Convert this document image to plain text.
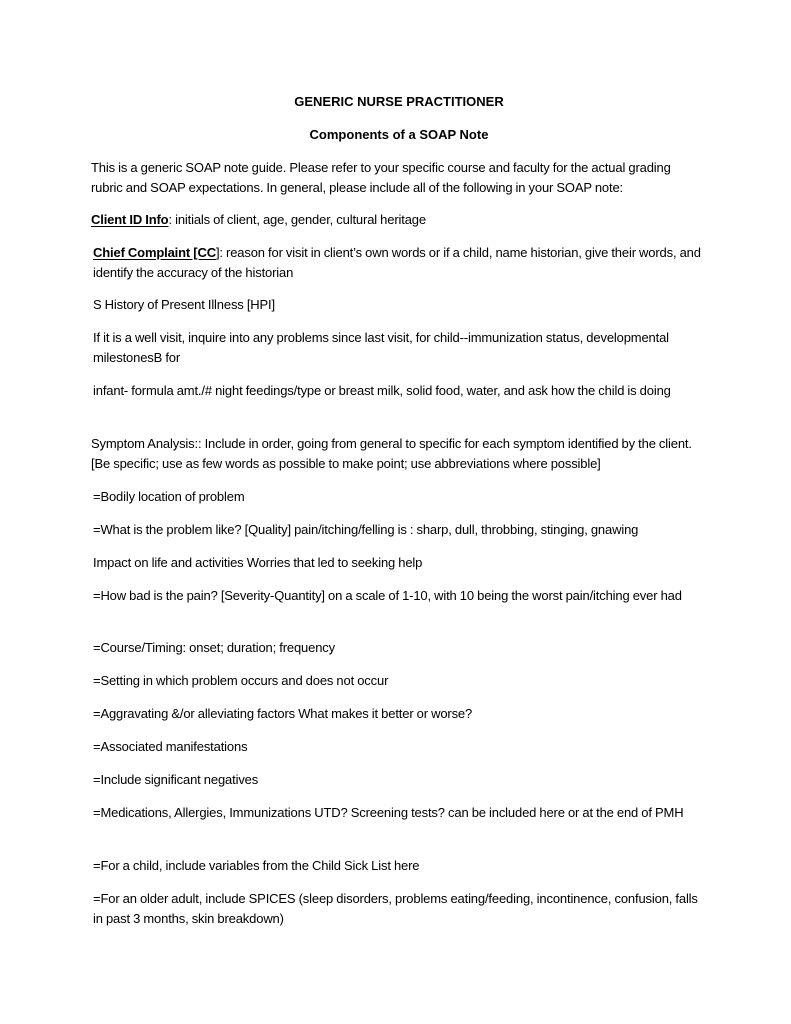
GENERIC NURSE PRACTITIONER
Components of a SOAP Note
This is a generic SOAP note guide. Please refer to your specific course and faculty for the actual grading rubric and SOAP expectations. In general, please include all of the following in your SOAP note:
Client ID Info: initials of client, age, gender, cultural heritage
Chief Complaint [CC]: reason for visit in client’s own words or if a child, name historian, give their words, and identify the accuracy of the historian
S History of Present Illness [HPI]
If it is a well visit, inquire into any problems since last visit, for child--immunization status, developmental milestonesB for
infant- formula amt./# night feedings/type or breast milk, solid food, water, and ask how the child is doing
Symptom Analysis:: Include in order, going from general to specific for each symptom identified by the client. [Be specific; use as few words as possible to make point; use abbreviations where possible]
=Bodily location of problem
=What is the problem like? [Quality] pain/itching/felling is : sharp, dull, throbbing, stinging, gnawing
Impact on life and activities Worries that led to seeking help
=How bad is the pain? [Severity-Quantity] on a scale of 1-10, with 10 being the worst pain/itching ever had
=Course/Timing: onset; duration; frequency
=Setting in which problem occurs and does not occur
=Aggravating &/or alleviating factors What makes it better or worse?
=Associated manifestations
=Include significant negatives
=Medications, Allergies, Immunizations UTD? Screening tests? can be included here or at the end of PMH
=For a child, include variables from the Child Sick List here
=For an older adult, include SPICES (sleep disorders, problems eating/feeding, incontinence, confusion, falls in past 3 months, skin breakdown)
